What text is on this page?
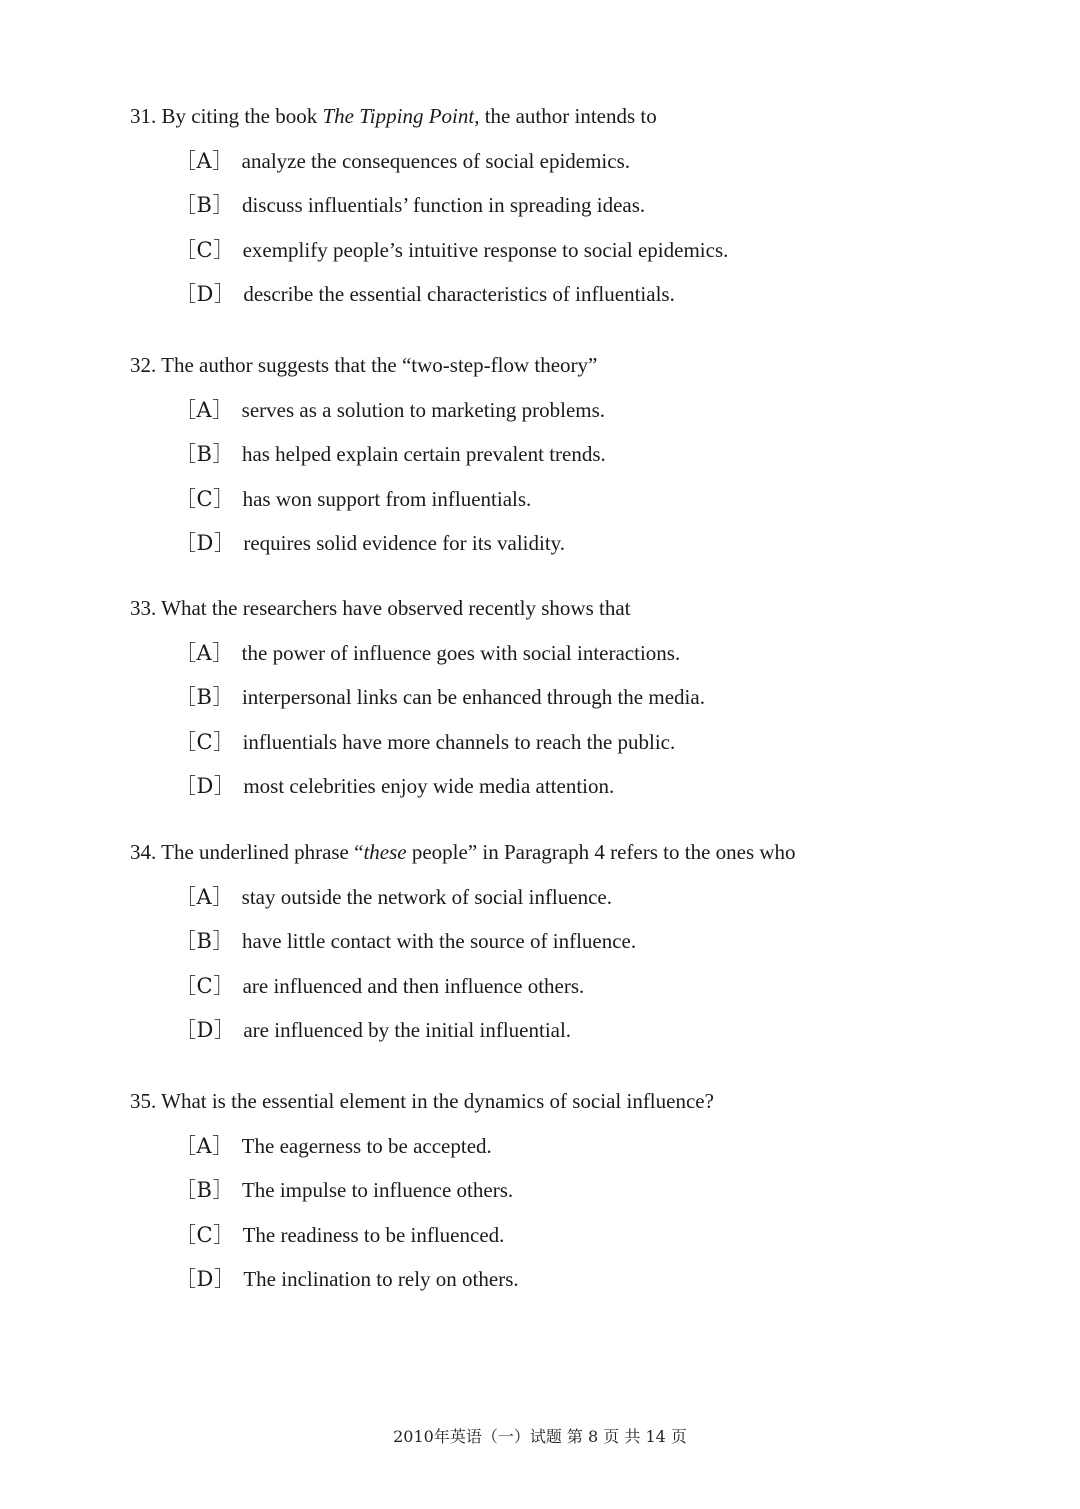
31. By citing the book The Tipping Point, the author intends to
［A］ analyze the consequences of social epidemics.
［B］ discuss influentials’ function in spreading ideas.
［C］ exemplify people’s intuitive response to social epidemics.
［D］ describe the essential characteristics of influentials.
32. The author suggests that the “two-step-flow theory”
［A］ serves as a solution to marketing problems.
［B］ has helped explain certain prevalent trends.
［C］ has won support from influentials.
［D］ requires solid evidence for its validity.
33. What the researchers have observed recently shows that
［A］ the power of influence goes with social interactions.
［B］ interpersonal links can be enhanced through the media.
［C］ influentials have more channels to reach the public.
［D］ most celebrities enjoy wide media attention.
34. The underlined phrase “these people” in Paragraph 4 refers to the ones who
［A］ stay outside the network of social influence.
［B］ have little contact with the source of influence.
［C］ are influenced and then influence others.
［D］ are influenced by the initial influential.
35. What is the essential element in the dynamics of social influence?
［A］ The eagerness to be accepted.
［B］ The impulse to influence others.
［C］ The readiness to be influenced.
［D］ The inclination to rely on others.
2010年英语（一）试题 第 8 页 共 14 页
